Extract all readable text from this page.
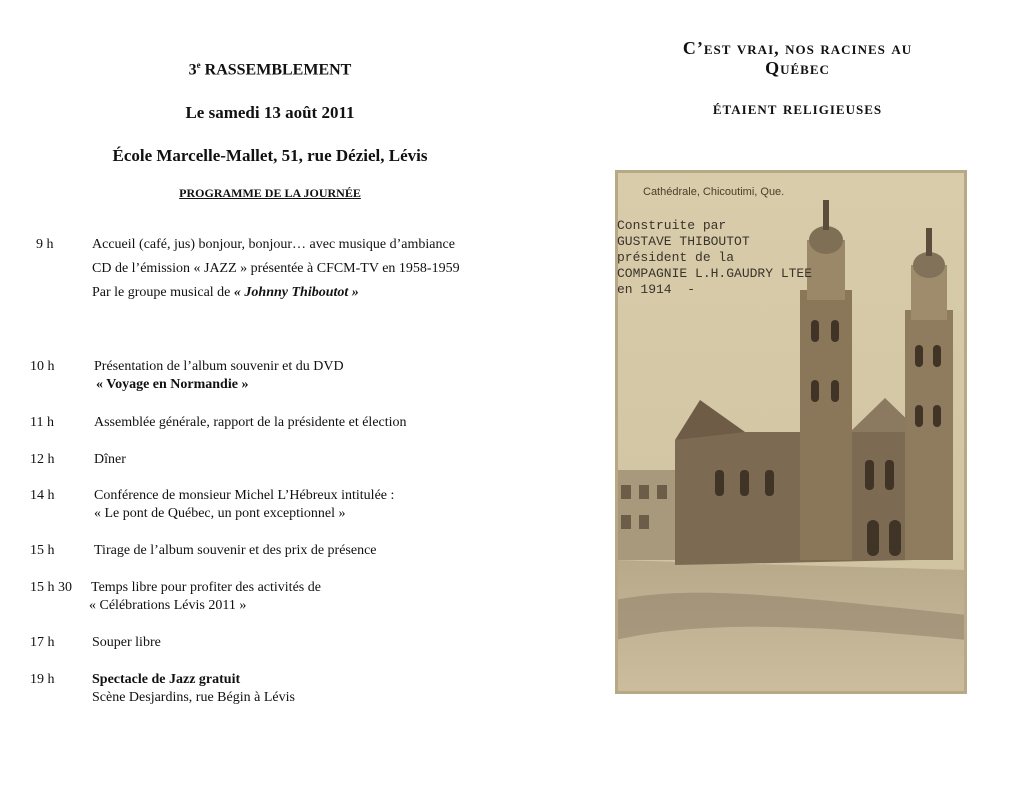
3e RASSEMBLEMENT
Le samedi 13 août 2011
École Marcelle-Mallet, 51, rue Déziel, Lévis
PROGRAMME DE LA JOURNÉE
9 h	Accueil (café, jus) bonjour, bonjour… avec musique d’ambiance
CD de l’émission « JAZZ » présentée à CFCM-TV en 1958-1959
Par le groupe musical de « Johnny Thiboutot »
10 h	Présentation de l’album souvenir et du DVD
« Voyage en Normandie »
11 h	Assemblée générale, rapport de la présidente et élection
12 h	Dîner
14 h	Conférence de monsieur Michel L’Hébreux intitulée :
« Le pont de Québec, un pont exceptionnel »
15 h	Tirage de l’album souvenir et des prix de présence
15 h 30 Temps libre pour profiter des activités de
« Célébrations Lévis 2011 »
17 h	Souper libre
19 h	Spectacle de Jazz gratuit
Scène Desjardins, rue Bégin à Lévis
C’est vrai, nos racines au
Québec
étaient religieuses
Cathédrale, Chicoutimi, Que.
Construite par
GUSTAVE THIBOUTOT
président de la
COMPAGNIE L.H.GAUDRY LTEE
en 1914  -
